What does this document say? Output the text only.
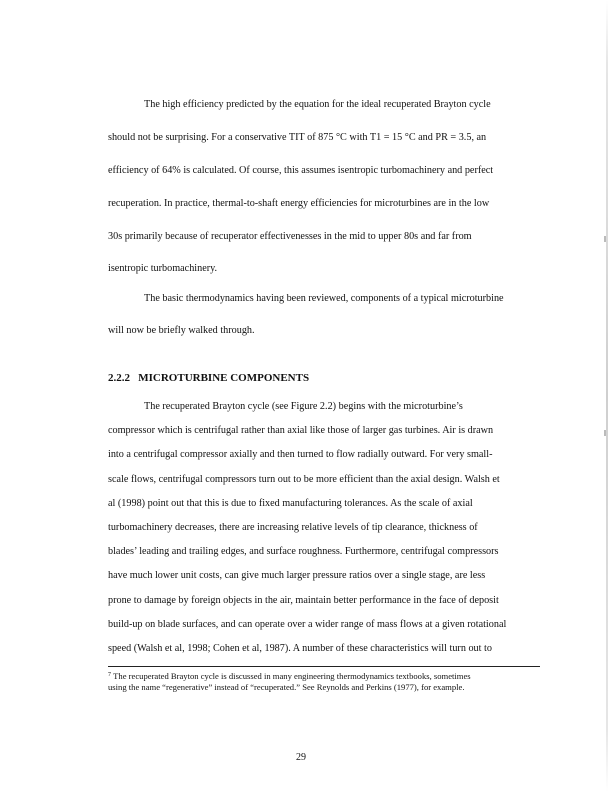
The high efficiency predicted by the equation for the ideal recuperated Brayton cycle
should not be surprising. For a conservative TIT of 875 °C with T1 = 15 °C and PR = 3.5, an
efficiency of 64% is calculated. Of course, this assumes isentropic turbomachinery and perfect
recuperation. In practice, thermal-to-shaft energy efficiencies for microturbines are in the low
30s primarily because of recuperator effectivenesses in the mid to upper 80s and far from
isentropic turbomachinery.
The basic thermodynamics having been reviewed, components of a typical microturbine
will now be briefly walked through.
2.2.2   MICROTURBINE COMPONENTS
$^7$ The recuperated Brayton cycle is discussed in many engineering thermodynamics textbooks, sometimes
using the name “regenerative” instead of “recuperated.” See Reynolds and Perkins (1977), for example.
29
The recuperated Brayton cycle (see Figure 2.2) begins with the microturbine’s
compressor which is centrifugal rather than axial like those of larger gas turbines. Air is drawn
into a centrifugal compressor axially and then turned to flow radially outward. For very small-
scale flows, centrifugal compressors turn out to be more efficient than the axial design. Walsh et
al (1998) point out that this is due to fixed manufacturing tolerances. As the scale of axial
turbomachinery decreases, there are increasing relative levels of tip clearance, thickness of
blades’ leading and trailing edges, and surface roughness. Furthermore, centrifugal compressors
have much lower unit costs, can give much larger pressure ratios over a single stage, are less
prone to damage by foreign objects in the air, maintain better performance in the face of deposit
build-up on blade surfaces, and can operate over a wider range of mass flows at a given rotational
speed (Walsh et al, 1998; Cohen et al, 1987). A number of these characteristics will turn out to
